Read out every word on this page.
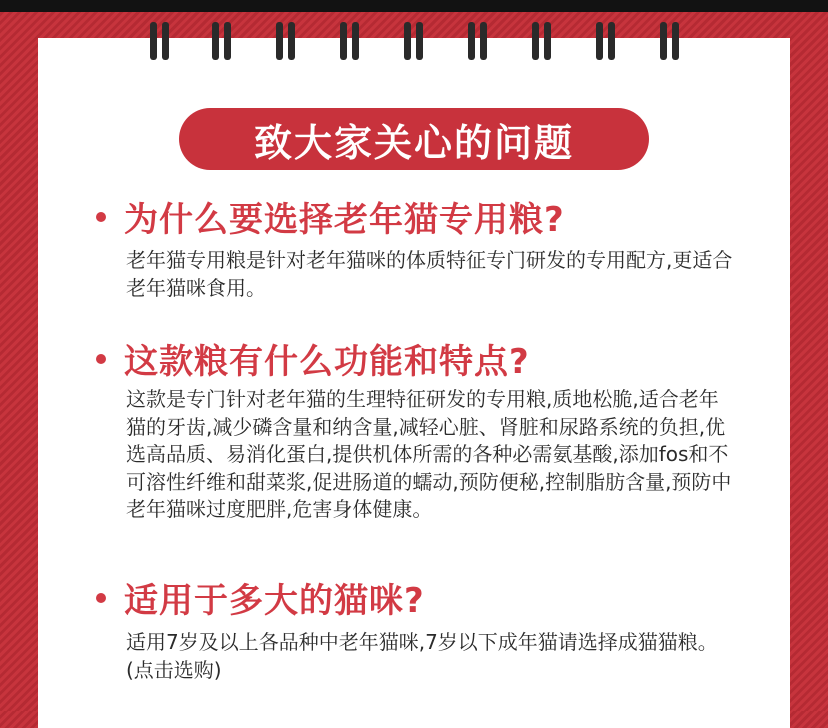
致大家关心的问题
为什么要选择老年猫专用粮?
老年猫专用粮是针对老年猫咪的体质特征专门研发的专用配方,更适合老年猫咪食用。
这款粮有什么功能和特点?
这款是专门针对老年猫的生理特征研发的专用粮,质地松脆,适合老年猫的牙齿,减少磷含量和纳含量,减轻心脏、肾脏和尿路系统的负担,优选高品质、易消化蛋白,提供机体所需的各种必需氨基酸,添加fos和不可溶性纤维和甜菜浆,促进肠道的蠕动,预防便秘,控制脂肪含量,预防中老年猫咪过度肥胖,危害身体健康。
适用于多大的猫咪?
适用7岁及以上各品种中老年猫咪,7岁以下成年猫请选择成猫猫粮。(点击选购)
